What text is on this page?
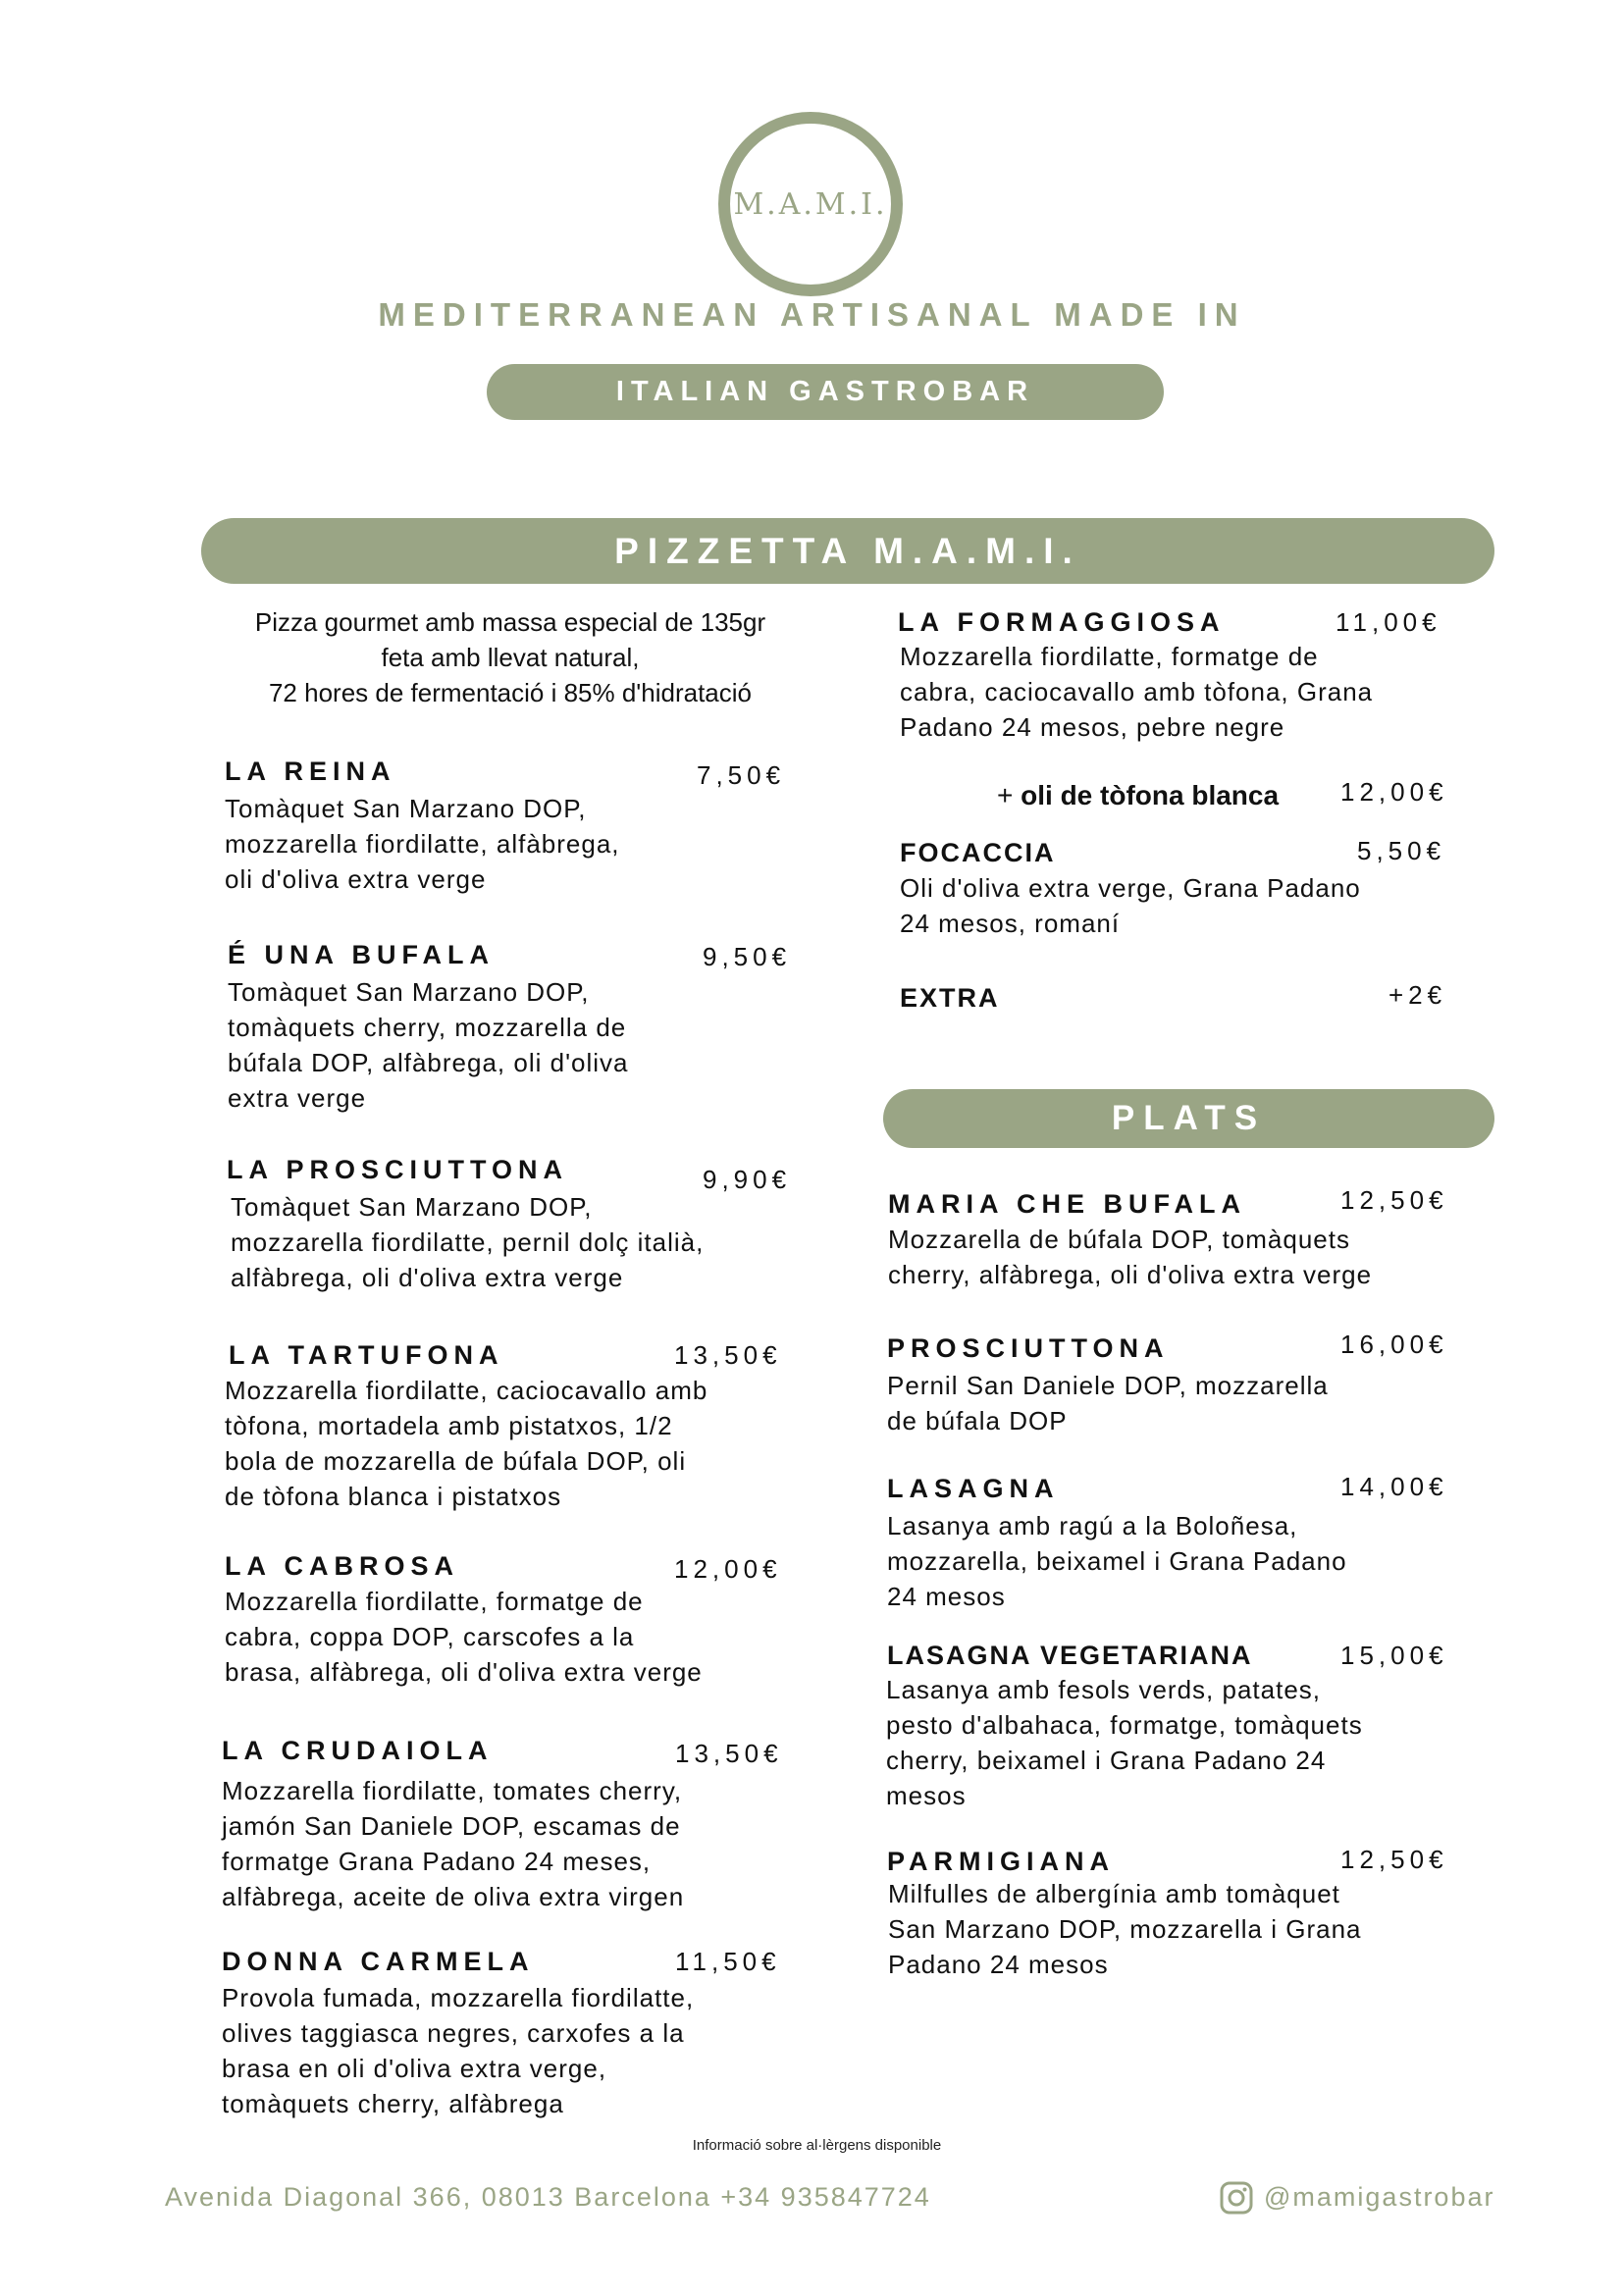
M.A.M.I.
MEDITERRANEAN ARTISANAL MADE IN
ITALIAN GASTROBAR
PIZZETTA M.A.M.I.
Pizza gourmet amb massa especial de 135gr
feta amb llevat natural,
72 hores de fermentació i 85% d'hidratació
LA REINA	7,50€
Tomàquet San Marzano DOP,
mozzarella fiordilatte, alfàbrega,
oli d'oliva extra verge
É UNA BUFALA	9,50€
Tomàquet San Marzano DOP,
tomàquets cherry, mozzarella de
búfala DOP, alfàbrega, oli d'oliva
extra verge
LA PROSCIUTTONA	9,90€
Tomàquet San Marzano DOP,
mozzarella fiordilatte, pernil dolç italià,
alfàbrega, oli d'oliva extra verge
LA TARTUFONA	13,50€
Mozzarella fiordilatte, caciocavallo amb
tòfona, mortadela amb pistatxos, 1/2
bola de mozzarella de búfala DOP, oli
de tòfona blanca i pistatxos
LA CABROSA	12,00€
Mozzarella fiordilatte, formatge de
cabra, coppa DOP, carscofes a la
brasa, alfàbrega, oli d'oliva extra verge
LA CRUDAIOLA	13,50€
Mozzarella fiordilatte, tomates cherry,
jamón San Daniele DOP, escamas de
formatge Grana Padano 24 meses,
alfàbrega, aceite de oliva extra virgen
DONNA CARMELA	11,50€
Provola fumada, mozzarella fiordilatte,
olives taggiasca negres, carxofes a la
brasa en oli d'oliva extra verge,
tomàquets cherry, alfàbrega
LA FORMAGGIOSA	11,00€
Mozzarella fiordilatte, formatge de
cabra, caciocavallo amb tòfona, Grana
Padano 24 mesos, pebre negre
+ oli de tòfona blanca 12,00€
FOCACCIA	5,50€
Oli d'oliva extra verge, Grana Padano
24 mesos, romaní
EXTRA	+2€
PLATS
MARIA CHE BUFALA	12,50€
Mozzarella de búfala DOP, tomàquets
cherry, alfàbrega, oli d'oliva extra verge
PROSCIUTTONA	16,00€
Pernil San Daniele DOP, mozzarella
de búfala DOP
LASAGNA	14,00€
Lasanya amb ragú a la Boloñesa,
mozzarella, beixamel i Grana Padano
24 mesos
LASAGNA VEGETARIANA	15,00€
Lasanya amb fesols verds, patates,
pesto d'albahaca, formatge, tomàquets
cherry, beixamel i Grana Padano 24
mesos
PARMIGIANA	12,50€
Milfulles de albergínia amb tomàquet
San Marzano DOP, mozzarella i Grana
Padano 24 mesos
Informació sobre al·lèrgens disponible
Avenida Diagonal 366, 08013 Barcelona +34 935847724	@mamigastrobar
